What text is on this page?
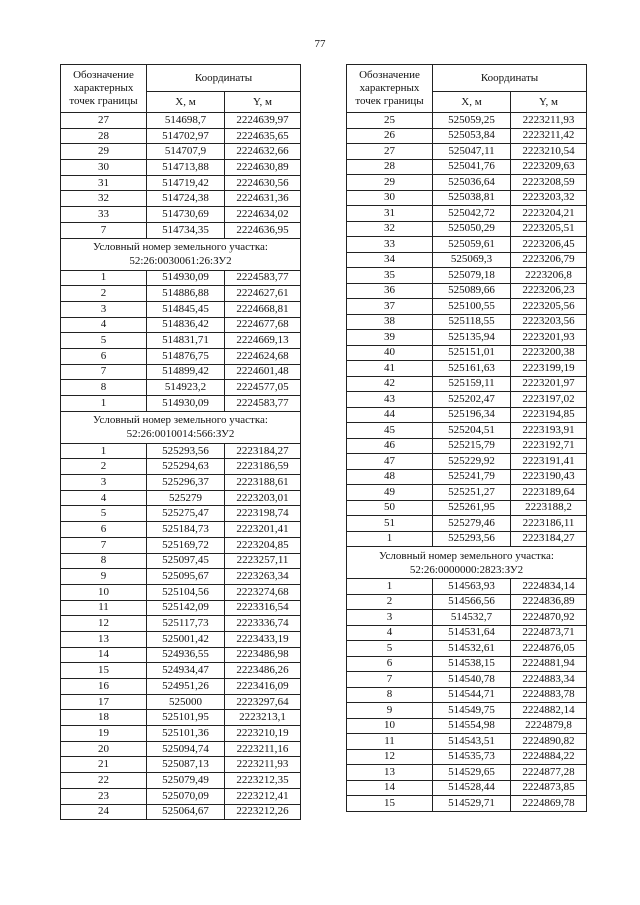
77
Обозначение
характерных
точек границы	Координаты	
	X, м	Y, м
27	514698,7	2224639,97
28	514702,97	2224635,65
29	514707,9	2224632,66
30	514713,88	2224630,89
31	514719,42	2224630,56
32	514724,38	2224631,36
33	514730,69	2224634,02
7	514734,35	2224636,95

Условный номер земельного участка:
52:26:0030061:26:ЗУ2		

1	514930,09	2224583,77
2	514886,88	2224627,61
3	514845,45	2224668,81
4	514836,42	2224677,68
5	514831,71	2224669,13
6	514876,75	2224624,68
7	514899,42	2224601,48
8	514923,2	2224577,05
1	514930,09	2224583,77

Условный номер земельного участка:
52:26:0010014:566:ЗУ2		

1	525293,56	2223184,27
2	525294,63	2223186,59
3	525296,37	2223188,61
4	525279	2223203,01
5	525275,47	2223198,74
6	525184,73	2223201,41
7	525169,72	2223204,85
8	525097,45	2223257,11
9	525095,67	2223263,34
10	525104,56	2223274,68
11	525142,09	2223316,54
12	525117,73	2223336,74
13	525001,42	2223433,19
14	524936,55	2223486,98
15	524934,47	2223486,26
16	524951,26	2223416,09
17	525000	2223297,64
18	525101,95	2223213,1
19	525101,36	2223210,19
20	525094,74	2223211,16
21	525087,13	2223211,93
22	525079,49	2223212,35
23	525070,09	2223212,41
24	525064,67	2223212,26
Обозначение
характерных
точек границы	Координаты	
	X, м	Y, м
25	525059,25	2223211,93
26	525053,84	2223211,42
27	525047,11	2223210,54
28	525041,76	2223209,63
29	525036,64	2223208,59
30	525038,81	2223203,32
31	525042,72	2223204,21
32	525050,29	2223205,51
33	525059,61	2223206,45
34	525069,3	2223206,79
35	525079,18	2223206,8
36	525089,66	2223206,23
37	525100,55	2223205,56
38	525118,55	2223203,56
39	525135,94	2223201,93
40	525151,01	2223200,38
41	525161,63	2223199,19
42	525159,11	2223201,97
43	525202,47	2223197,02
44	525196,34	2223194,85
45	525204,51	2223193,91
46	525215,79	2223192,71
47	525229,92	2223191,41
48	525241,79	2223190,43
49	525251,27	2223189,64
50	525261,95	2223188,2
51	525279,46	2223186,11
1	525293,56	2223184,27

Условный номер земельного участка:
52:26:0000000:2823:ЗУ2		

1	514563,93	2224834,14
2	514566,56	2224836,89
3	514532,7	2224870,92
4	514531,64	2224873,71
5	514532,61	2224876,05
6	514538,15	2224881,94
7	514540,78	2224883,34
8	514544,71	2224883,78
9	514549,75	2224882,14
10	514554,98	2224879,8
11	514543,51	2224890,82
12	514535,73	2224884,22
13	514529,65	2224877,28
14	514528,44	2224873,85
15	514529,71	2224869,78
